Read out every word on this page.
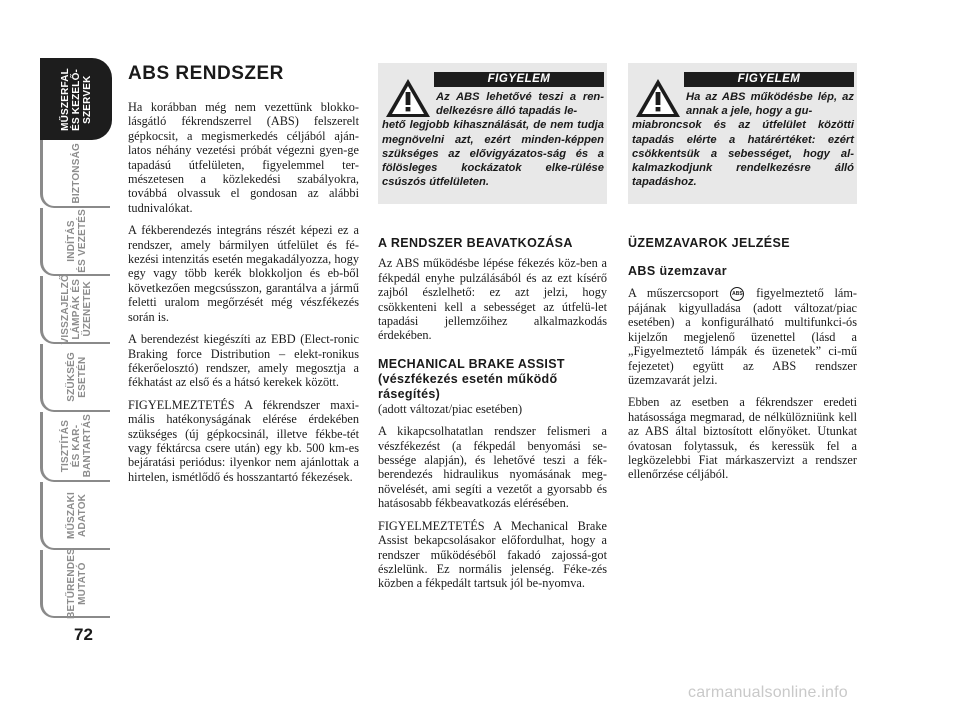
MŰSZERFAL
ÉS KEZELŐ-
SZERVEK
BIZTONSÁG
INDÍTÁS
ÉS VEZETÉS
VISSZAJELZŐ
LÁMPÁK ÉS
ÜZENETEK
SZÜKSÉG
ESETÉN
TISZTÍTÁS
ÉS KAR-
BANTARTÁS
MŰSZAKI
ADATOK
BETŰRENDES
MUTATÓ
72
ABS RENDSZER

Ha korábban még nem vezettünk blokko-lásgátló fékrendszerrel (ABS) felszerelt gépkocsit, a megismerkedés céljából aján-latos néhány vezetési próbát végezni gyen-ge tapadású útfelületen, figyelemmel ter-mészetesen a közlekedési szabályokra, továbbá olvassuk el gondosan az alábbi tudnivalókat.

A fékberendezés integráns részét képezi ez a rendszer, amely bármilyen útfelület és fé-kezési intenzitás esetén megakadályozza, hogy egy vagy több kerék blokkoljon és eb-ből következően megcsússzon, garantálva a jármű feletti uralom megőrzését még vészfékezés során is.

A berendezést kiegészíti az EBD (Elect-ronic Braking force Distribution – elekt-ronikus fékerőelosztó) rendszer, amely megosztja a fékhatást az első és a hátsó kerekek között.

FIGYELMEZTETÉS A fékrendszer maxi-mális hatékonyságának elérése érdekében szükséges (új gépkocsinál, illetve fékbe-tét vagy féktárcsa csere után) egy kb. 500 km-es bejáratási periódus: ilyenkor nem ajánlottak a hirtelen, ismétlődő és hosszantartó fékezések.

FIGYELEM
Az ABS lehetővé teszi a ren-delkezésre álló tapadás le-
hető legjobb kihasználását, de nem tudja megnövelni azt, ezért minden-képpen szükséges az elővigyázatos-ság és a fölösleges kockázatok elke-rülése csúszós útfelületen.
FIGYELEM
Ha az ABS működésbe lép, az annak a jele, hogy a gu-
miabroncsok és az útfelület közötti tapadás elérte a határértéket: ezért csökkentsük a sebességet, hogy al-kalmazkodjunk rendelkezésre álló tapadáshoz.
A RENDSZER BEAVATKOZÁSA

Az ABS működésbe lépése fékezés köz-ben a fékpedál enyhe pulzálásából és az ezt kísérő zajból észlelhető: ez azt jelzi, hogy csökkenteni kell a sebességet az útfelü-let tapadási jellemzőihez alkalmazkodás érdekében.

MECHANICAL BRAKE ASSIST
(vészfékezés esetén működő
rásegítés)
(adott változat/piac esetében)

A kikapcsolhatatlan rendszer felismeri a vészfékezést (a fékpedál benyomási se-bessége alapján), és lehetővé teszi a fék-berendezés hidraulikus nyomásának meg-növelését, ami segíti a vezetőt a gyorsabb és hatásosabb fékbeavatkozás elérésében.

FIGYELMEZTETÉS A Mechanical Brake Assist bekapcsolásakor előfordulhat, hogy a rendszer működéséből fakadó zajossá-got észlelünk. Ez normális jelenség. Féke-zés közben a fékpedált tartsuk jól be-nyomva.

ÜZEMZAVAROK JELZÉSE
ABS üzemzavar

A műszercsoport	ABS figyelmeztető lám-pájának kigyulladása (adott változat/piac esetében) a konfigurálható multifunkci-ós kijelzőn megjelenő üzenettel (lásd a „Figyelmeztető lámpák és üzenetek” ci-mű fejezetet) együtt az ABS rendszer üzemzavarát jelzi.

Ebben az esetben a fékrendszer eredeti hatásossága megmarad, de nélkülözniünk kell az ABS által biztosított előnyöket. Utunkat óvatosan folytassuk, és keressük fel a legközelebbi Fiat márkaszervizt a rendszer ellenőrzése céljából.

carmanualsonline.info
